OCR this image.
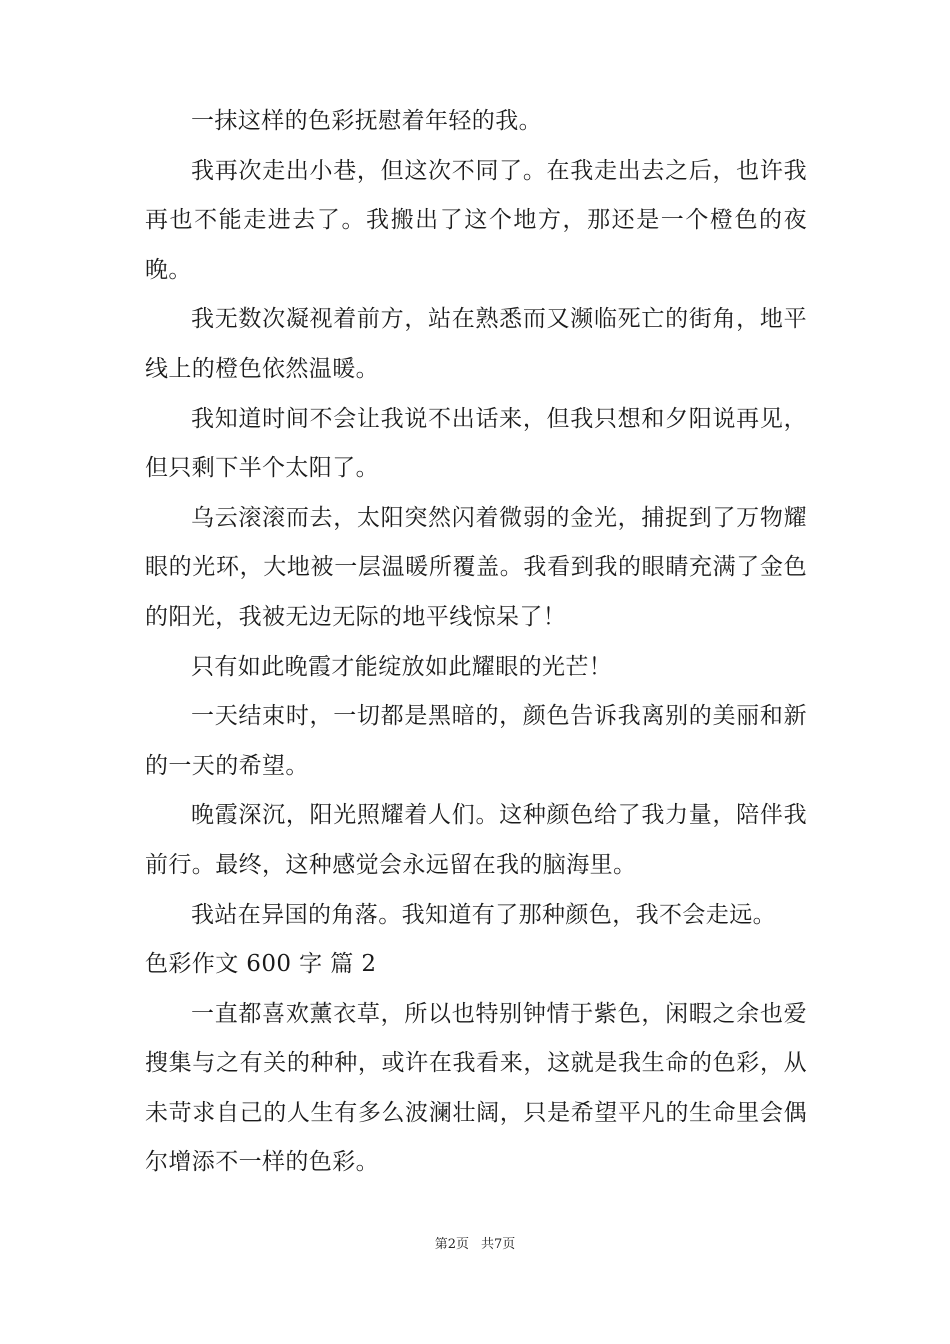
一抹这样的色彩抚慰着年轻的我。

我再次走出小巷，但这次不同了。在我走出去之后，也许我再也不能走进去了。我搬出了这个地方，那还是一个橙色的夜晚。

我无数次凝视着前方，站在熟悉而又濒临死亡的街角，地平线上的橙色依然温暖。

我知道时间不会让我说不出话来，但我只想和夕阳说再见，但只剩下半个太阳了。

乌云滚滚而去，太阳突然闪着微弱的金光，捕捉到了万物耀眼的光环，大地被一层温暖所覆盖。我看到我的眼睛充满了金色的阳光，我被无边无际的地平线惊呆了！

只有如此晚霞才能绽放如此耀眼的光芒！

一天结束时，一切都是黑暗的，颜色告诉我离别的美丽和新的一天的希望。

晚霞深沉，阳光照耀着人们。这种颜色给了我力量，陪伴我前行。最终，这种感觉会永远留在我的脑海里。

我站在异国的角落。我知道有了那种颜色，我不会走远。

色彩作文 600 字 篇 2

一直都喜欢薰衣草，所以也特别钟情于紫色，闲暇之余也爱搜集与之有关的种种，或许在我看来，这就是我生命的色彩，从未苛求自己的人生有多么波澜壮阔，只是希望平凡的生命里会偶尔增添不一样的色彩。

第2页 共7页
